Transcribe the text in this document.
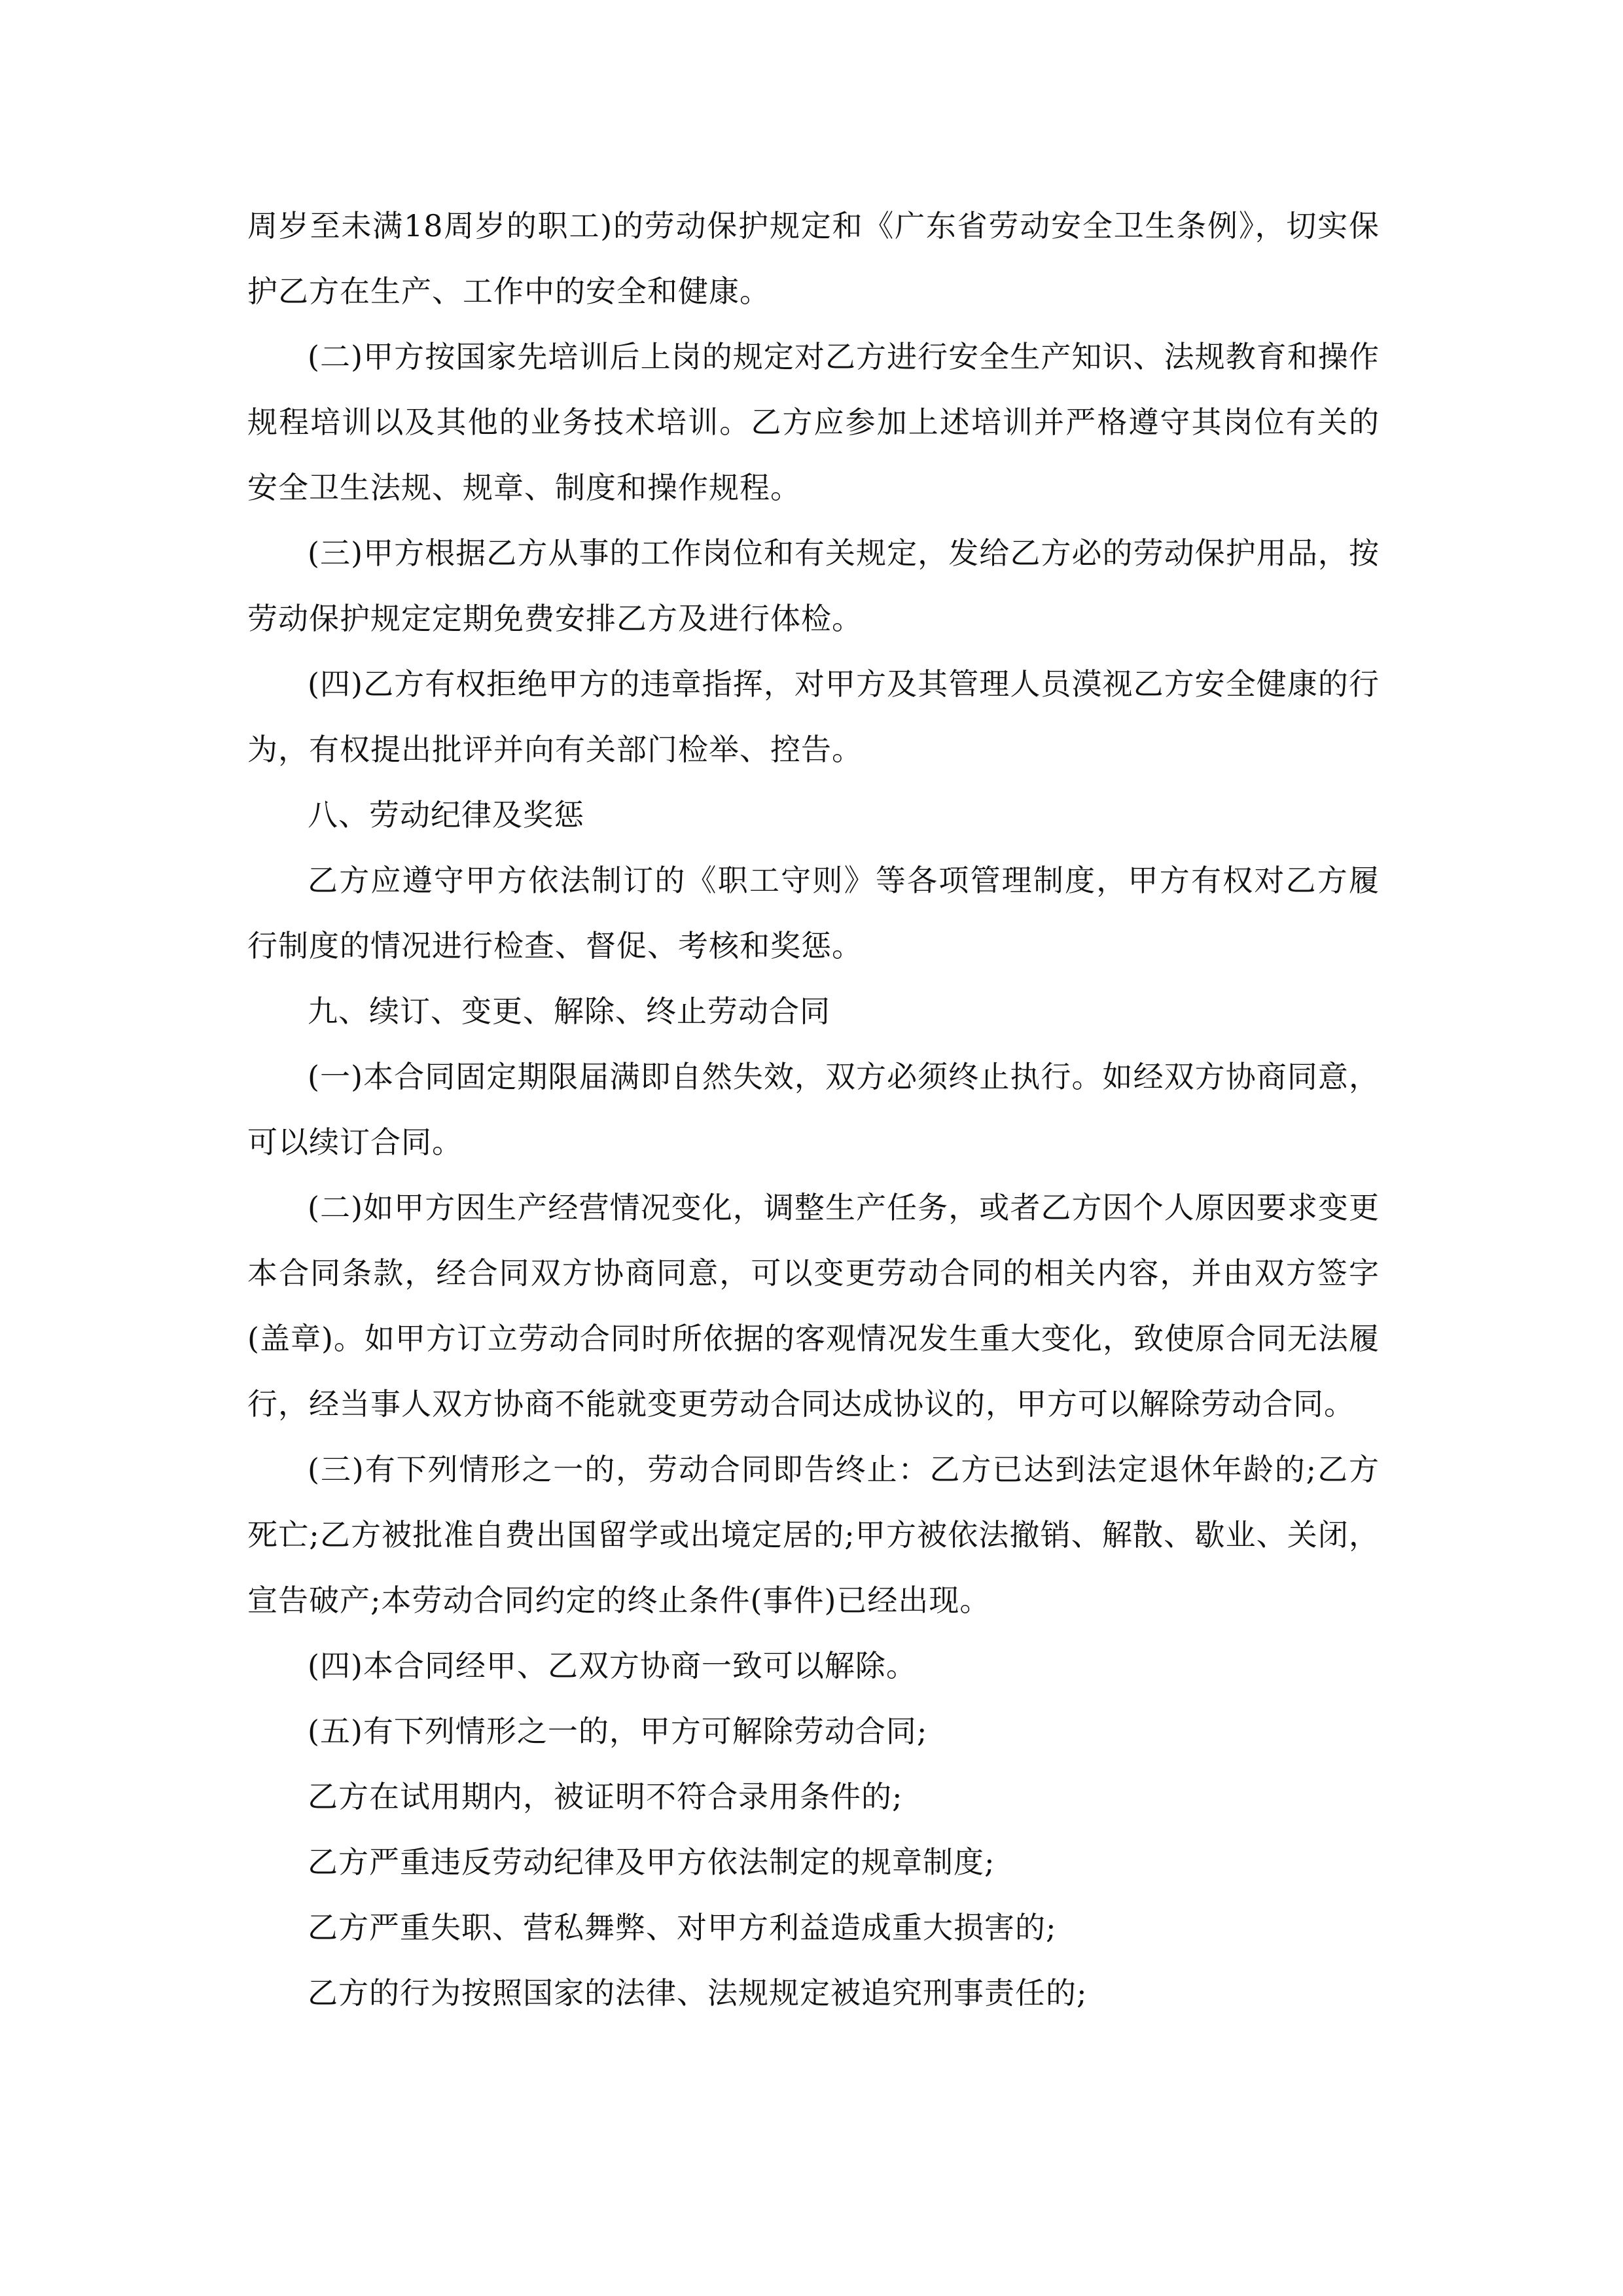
周岁至未满18周岁的职工)的劳动保护规定和《广东省劳动安全卫生条例》，切实保护乙方在生产、工作中的安全和健康。

(二)甲方按国家先培训后上岗的规定对乙方进行安全生产知识、法规教育和操作规程培训以及其他的业务技术培训。乙方应参加上述培训并严格遵守其岗位有关的安全卫生法规、规章、制度和操作规程。

(三)甲方根据乙方从事的工作岗位和有关规定，发给乙方必的劳动保护用品，按劳动保护规定定期免费安排乙方及进行体检。

(四)乙方有权拒绝甲方的违章指挥，对甲方及其管理人员漠视乙方安全健康的行为，有权提出批评并向有关部门检举、控告。

八、劳动纪律及奖惩

乙方应遵守甲方依法制订的《职工守则》等各项管理制度，甲方有权对乙方履行制度的情况进行检查、督促、考核和奖惩。

九、续订、变更、解除、终止劳动合同

(一)本合同固定期限届满即自然失效，双方必须终止执行。如经双方协商同意，可以续订合同。

(二)如甲方因生产经营情况变化，调整生产任务，或者乙方因个人原因要求变更本合同条款，经合同双方协商同意，可以变更劳动合同的相关内容，并由双方签字(盖章)。如甲方订立劳动合同时所依据的客观情况发生重大变化，致使原合同无法履行，经当事人双方协商不能就变更劳动合同达成协议的，甲方可以解除劳动合同。

(三)有下列情形之一的，劳动合同即告终止：乙方已达到法定退休年龄的;乙方死亡;乙方被批准自费出国留学或出境定居的;甲方被依法撤销、解散、歇业、关闭，宣告破产;本劳动合同约定的终止条件(事件)已经出现。

(四)本合同经甲、乙双方协商一致可以解除。

(五)有下列情形之一的，甲方可解除劳动合同;

乙方在试用期内，被证明不符合录用条件的;

乙方严重违反劳动纪律及甲方依法制定的规章制度;

乙方严重失职、营私舞弊、对甲方利益造成重大损害的;

乙方的行为按照国家的法律、法规规定被追究刑事责任的;
